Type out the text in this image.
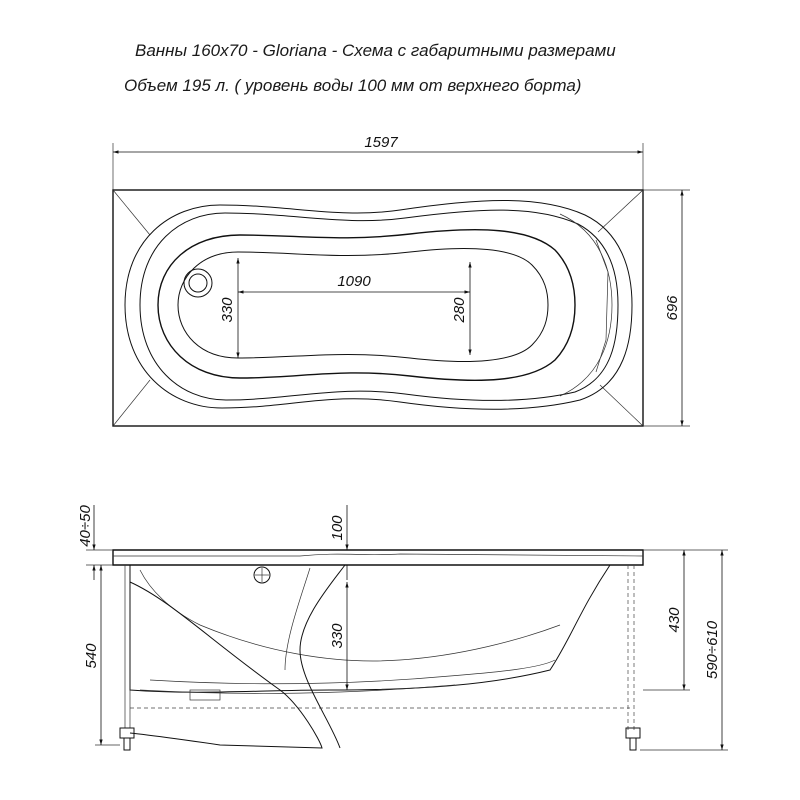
Ванны 160х70 - Gloriana - Схема с габаритными размерами
Объем 195 л. ( уровень воды 100 мм от верхнего борта)
1597
1090
330	280	696
100
330
40÷50
540
430
590÷610
